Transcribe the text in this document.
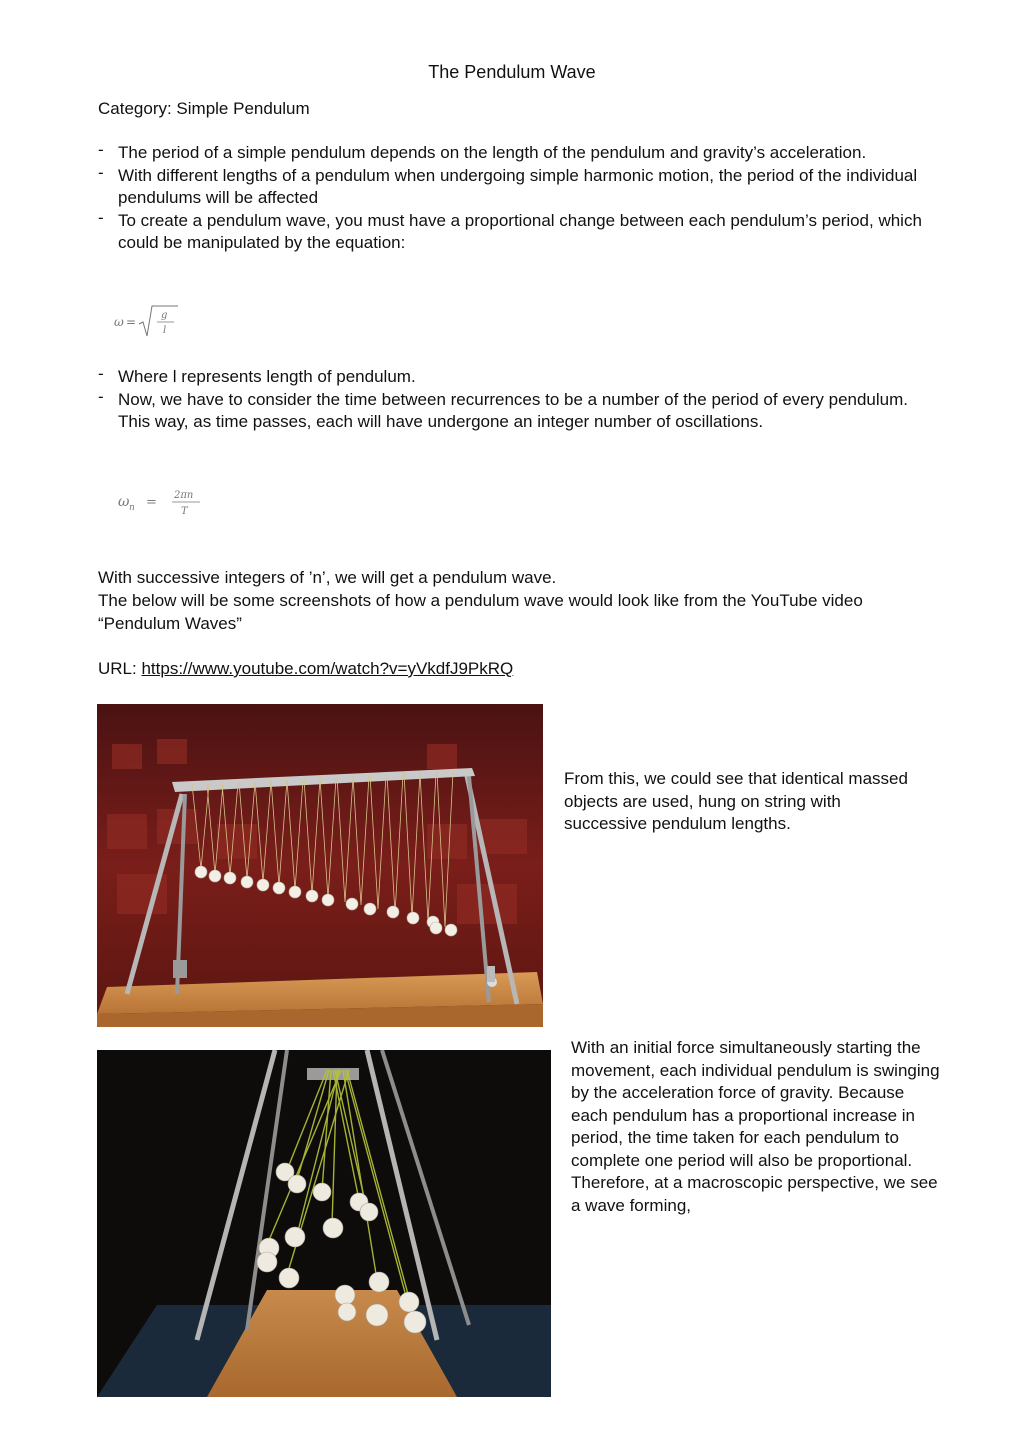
The Pendulum Wave
Category: Simple Pendulum
- The period of a simple pendulum depends on the length of the pendulum and gravity’s acceleration.
- With different lengths of a pendulum when undergoing simple harmonic motion, the period of the individual pendulums will be affected
- To create a pendulum wave, you must have a proportional change between each pendulum’s period, which could be manipulated by the equation:
ω = g
l
- Where l represents length of pendulum.
- Now, we have to consider the time between recurrences to be a number of the period of every pendulum. This way, as time passes, each will have undergone an integer number of oscillations.
ω n = 2πn
T
With successive integers of ’n’, we will get a pendulum wave.
The below will be some screenshots of how a pendulum wave would look like from the YouTube video “Pendulum Waves”
URL: https://www.youtube.com/watch?v=yVkdfJ9PkRQ
From this, we could see that identical massed objects are used, hung on string with successive pendulum lengths.
With an initial force simultaneously starting the movement, each individual pendulum is swinging by the acceleration force of gravity. Because each pendulum has a proportional increase in period, the time taken for each pendulum to complete one period will also be proportional. Therefore, at a macroscopic perspective, we see a wave forming,
